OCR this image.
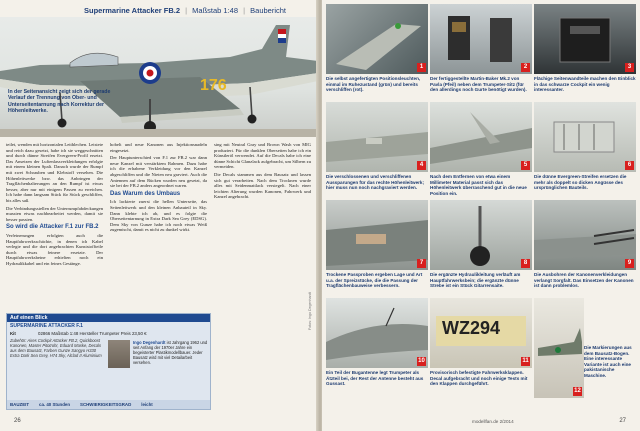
Supermarine Attacker FB.2 | Maßstab 1:48 | Baubericht
176
In der Seitenansicht zeigt sich der gerade Verlauf der Trennung von Ober- und Unterseitentarnung nach Korrektur der Höhenleitwerke.

teilet, wenden mit horizontalen Leitblechen. Leistete und reich dazu gesetzt, habe ich sie weggeschnitten und durch dünne Streifen Evergreen-Profil ersetzt. Das Ansetzen der Luftenlassverkleidungen erfolgte mit einem kleinen Spalt. Danach wurde der Rumpf mit zwei Schrauben und Klebstoff versehen. Die Höhenleitwerke bzw. das Anbringen der Tragflächenhalterungen an den Rumpf ist etwas besser, aber nur mit einigem Passen zu erreichen. Ich habe dann langsam Stück für Stück geschliffen, bis alles saß.

Die Verbindungsstellen der Unterrumpfabdeckungen mussten etwas nachbearbeitet werden, damit sie besser passten.

So wird die Attacker F.1 zur FB.2

Verfeinerungen erfolgten auch die Hauptfahrwerksschächte, in denen ich Kabel verlegte und die dort angebrachten Kunststoffteile durch etwas feinere ersetzte. Der Hauptfahrwerksbeine erhielten noch ein Hydraulikkabel und ein feines Gestänge.

hobelt und neue Kanonen aus Injektionsnadeln eingesetzt.

Der Hauptunterschied von F.1 zur FB.2 war dann neue Kanzel mit verstärktem Rahmen. Dazu habe ich die erhabene Verkleidung vor den Kanzel abgeschliffen und die Nieten neu graviert. Auch die Antennen auf dem Rücken wurden neu gesetzt, da sie bei der FB.2 anders angeordnet waren.

Das Warum des Umbaus

Ich lackierte zuerst die hellen Unterseite, das Seitenleitwerk und den kleinen Anbauteil in Sky. Dann klebte ich ab, und es folgte die Oberseitentarnung in Extra Dark Sea Grey (EDSG). Dem Sky von Gunze habe ich noch etwas Weiß zugemischt, damit es nicht zu dunkel wirkt.

sing mit Neutral Gray und Brown Wash von MIG produziert. Für die dunklen Oberseiten habe ich ein Künstleröl verwendet. Auf die Decals habe ich eine dünne Schicht Glanzlack aufgebracht, um Silbern zu vermeiden.

Die Decals stammen aus dem Bausatz und lassen sich gut verarbeiten. Nach dem Trocknen wurde alles mit Seidenmattlack versiegelt. Nach einer leichten Alterung wurden Kanonen, Fahrwerk und Kanzel angebracht.

Auf einen Blick
SUPERMARINE ATTACKER F.1
Kit	02866 Maßstab 1:48 Hersteller Trumpeter Preis 23,50 €
Zubehör: Aires Cockpit Attacker FB.2, Quickboost Kanonen, Master Pitotrohr, Eduard Maske, Decals aus dem Bausatz, Farben Gunze Sangyo H330 Extra Dark Sea Grey, H74 Sky, Alclad II Aluminium
BAUZEIT ca. 40 Stunden SCHWIERIGKEITSGRAD leicht
Ingo Degenhardt ist Jahrgang 1962 und seit Anfang der 1970er Jahre ein begeisterter Plastikmodellbauer. Jeder Bausatz wird mit viel Detailarbeit versehen.
Fotos: Ingo Degenhardt
26
1
Die selbst angefertigten Positionsleuchten, einmal im Ruhezustand (grün) und bereits verschliffen (rot).
2
Der fertiggestellte Martin-Baker Mk.2 von Pavla (Pfeil) neben dem Trumpeter-Sitz (für den allerdings noch Gurte benötigt wurden).
3
Flächige Seitenwandteile machen den Einblick in das schwarze Cockpit ein wenig interessanter.
4
Die verschlossenen und verschliffenen Aussparungen für das rechte Höhenleitwerk; hier muss nun noch nachgraviert werden.
5
Nach dem Entfernen von etwa einem Millimeter Material passt sich das Höhenleitwerk überraschend gut in die neue Position ein.
6
Die dünne Evergreen-Streifen ersetzen die mehr als doppelt so dicken Angüsse des ursprünglichen Bauteils.
7
Trockene Passproben ergeben Lage und Art u.a. der Spreizstücke, die die Passung der Tragflächenbauweise verbessern.
8
Die ergänzte Hydraulikleitung verläuft am Hauptfahrwerksbein; die ergänzte dünne Strebe ist ein Stück Gitarrensaite.
9
Die Ausbohren der Kanonenverkleidungen verlangt Sorgfalt. Das Einsetzen der Kanonen ist dann problemlos.
10
Ein Teil der Bugantenne legt Trumpeter als Ätzteil bei, der Rest der Antenne besteht aus Gussast.
WZ294
11
Provisorisch befestigte Fahrwerksklappen. Decal aufgebracht und noch einige Tests mit den Klappen durchgeführt.
12
Die Markierungen aus dem Bausatz-Bogen. Eine interessante Variante ist auch eine pakistanische Maschine.
modellfan.de 2/2014	27
